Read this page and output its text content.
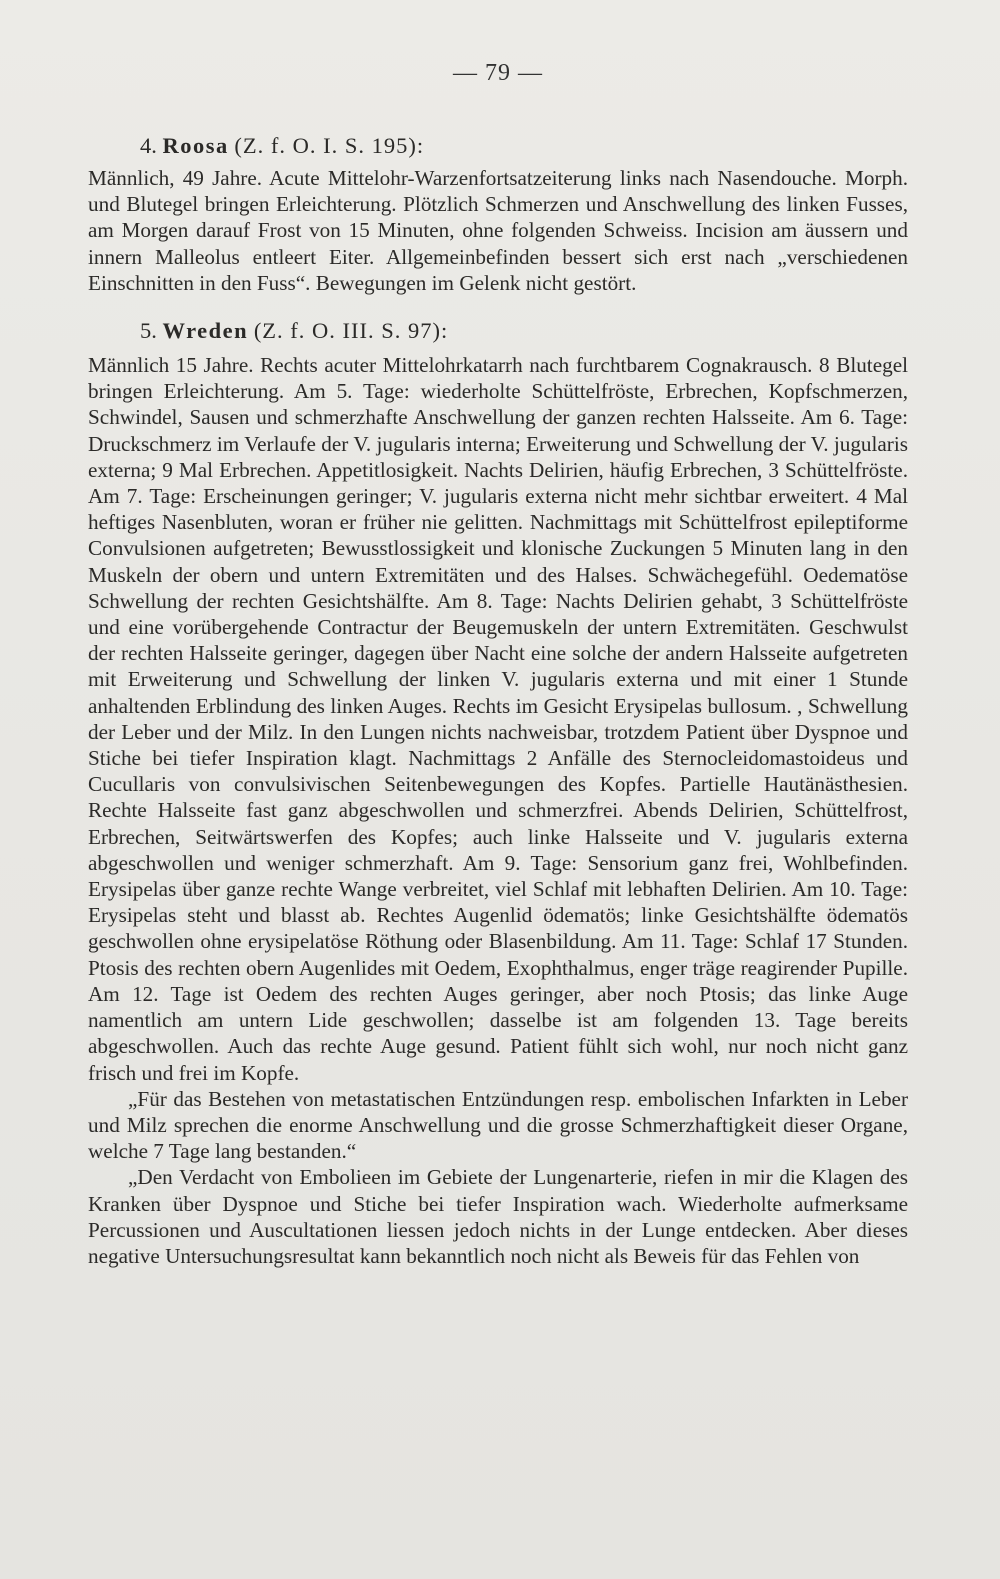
— 79 —
4. Roosa (Z. f. O. I. S. 195):

Männlich, 49 Jahre. Acute Mittelohr-Warzenfortsatzeiterung links nach Nasendouche. Morph. und Blutegel bringen Erleichterung. Plötzlich Schmerzen und Anschwellung des linken Fusses, am Morgen darauf Frost von 15 Minuten, ohne folgenden Schweiss. Incision am äussern und innern Malleolus entleert Eiter. Allgemeinbefinden bessert sich erst nach „verschiedenen Einschnitten in den Fuss“. Bewegungen im Gelenk nicht gestört.

5. Wreden (Z. f. O. III. S. 97):

Männlich 15 Jahre. Rechts acuter Mittelohrkatarrh nach furchtbarem Cognakrausch. 8 Blutegel bringen Erleichterung. Am 5. Tage: wiederholte Schüttelfröste, Erbrechen, Kopfschmerzen, Schwindel, Sausen und schmerzhafte Anschwellung der ganzen rechten Halsseite. Am 6. Tage: Druckschmerz im Verlaufe der V. jugularis interna; Erweiterung und Schwellung der V. jugularis externa; 9 Mal Erbrechen. Appetitlosigkeit. Nachts Delirien, häufig Erbrechen, 3 Schüttelfröste. Am 7. Tage: Erscheinungen geringer; V. jugularis externa nicht mehr sichtbar erweitert. 4 Mal heftiges Nasenbluten, woran er früher nie gelitten. Nachmittags mit Schüttelfrost epileptiforme Convulsionen aufgetreten; Bewusstlossigkeit und klonische Zuckungen 5 Minuten lang in den Muskeln der obern und untern Extremitäten und des Halses. Schwächegefühl. Oedematöse Schwellung der rechten Gesichtshälfte. Am 8. Tage: Nachts Delirien gehabt, 3 Schüttelfröste und eine vorübergehende Contractur der Beugemuskeln der untern Extremitäten. Geschwulst der rechten Halsseite geringer, dagegen über Nacht eine solche der andern Halsseite aufgetreten mit Erweiterung und Schwellung der linken V. jugularis externa und mit einer 1 Stunde anhaltenden Erblindung des linken Auges. Rechts im Gesicht Erysipelas bullosum. , Schwellung der Leber und der Milz. In den Lungen nichts nachweisbar, trotzdem Patient über Dyspnoe und Stiche bei tiefer Inspiration klagt. Nachmittags 2 Anfälle des Sternocleidomastoideus und Cucullaris von convulsivischen Seitenbewegungen des Kopfes. Partielle Hautänästhesien. Rechte Halsseite fast ganz abgeschwollen und schmerzfrei. Abends Delirien, Schüttelfrost, Erbrechen, Seitwärtswerfen des Kopfes; auch linke Halsseite und V. jugularis externa abgeschwollen und weniger schmerzhaft. Am 9. Tage: Sensorium ganz frei, Wohlbefinden. Erysipelas über ganze rechte Wange verbreitet, viel Schlaf mit lebhaften Delirien. Am 10. Tage: Erysipelas steht und blasst ab. Rechtes Augenlid ödematös; linke Gesichtshälfte ödematös geschwollen ohne erysipelatöse Röthung oder Blasenbildung. Am 11. Tage: Schlaf 17 Stunden. Ptosis des rechten obern Augenlides mit Oedem, Exophthalmus, enger träge reagirender Pupille. Am 12. Tage ist Oedem des rechten Auges geringer, aber noch Ptosis; das linke Auge namentlich am untern Lide geschwollen; dasselbe ist am folgenden 13. Tage bereits abgeschwollen. Auch das rechte Auge gesund. Patient fühlt sich wohl, nur noch nicht ganz frisch und frei im Kopfe.

„Für das Bestehen von metastatischen Entzündungen resp. embolischen Infarkten in Leber und Milz sprechen die enorme Anschwellung und die grosse Schmerzhaftigkeit dieser Organe, welche 7 Tage lang bestanden.“

„Den Verdacht von Embolieen im Gebiete der Lungenarterie, riefen in mir die Klagen des Kranken über Dyspnoe und Stiche bei tiefer Inspiration wach. Wiederholte aufmerksame Percussionen und Auscultationen liessen jedoch nichts in der Lunge entdecken. Aber dieses negative Untersuchungsresultat kann bekanntlich noch nicht als Beweis für das Fehlen von
